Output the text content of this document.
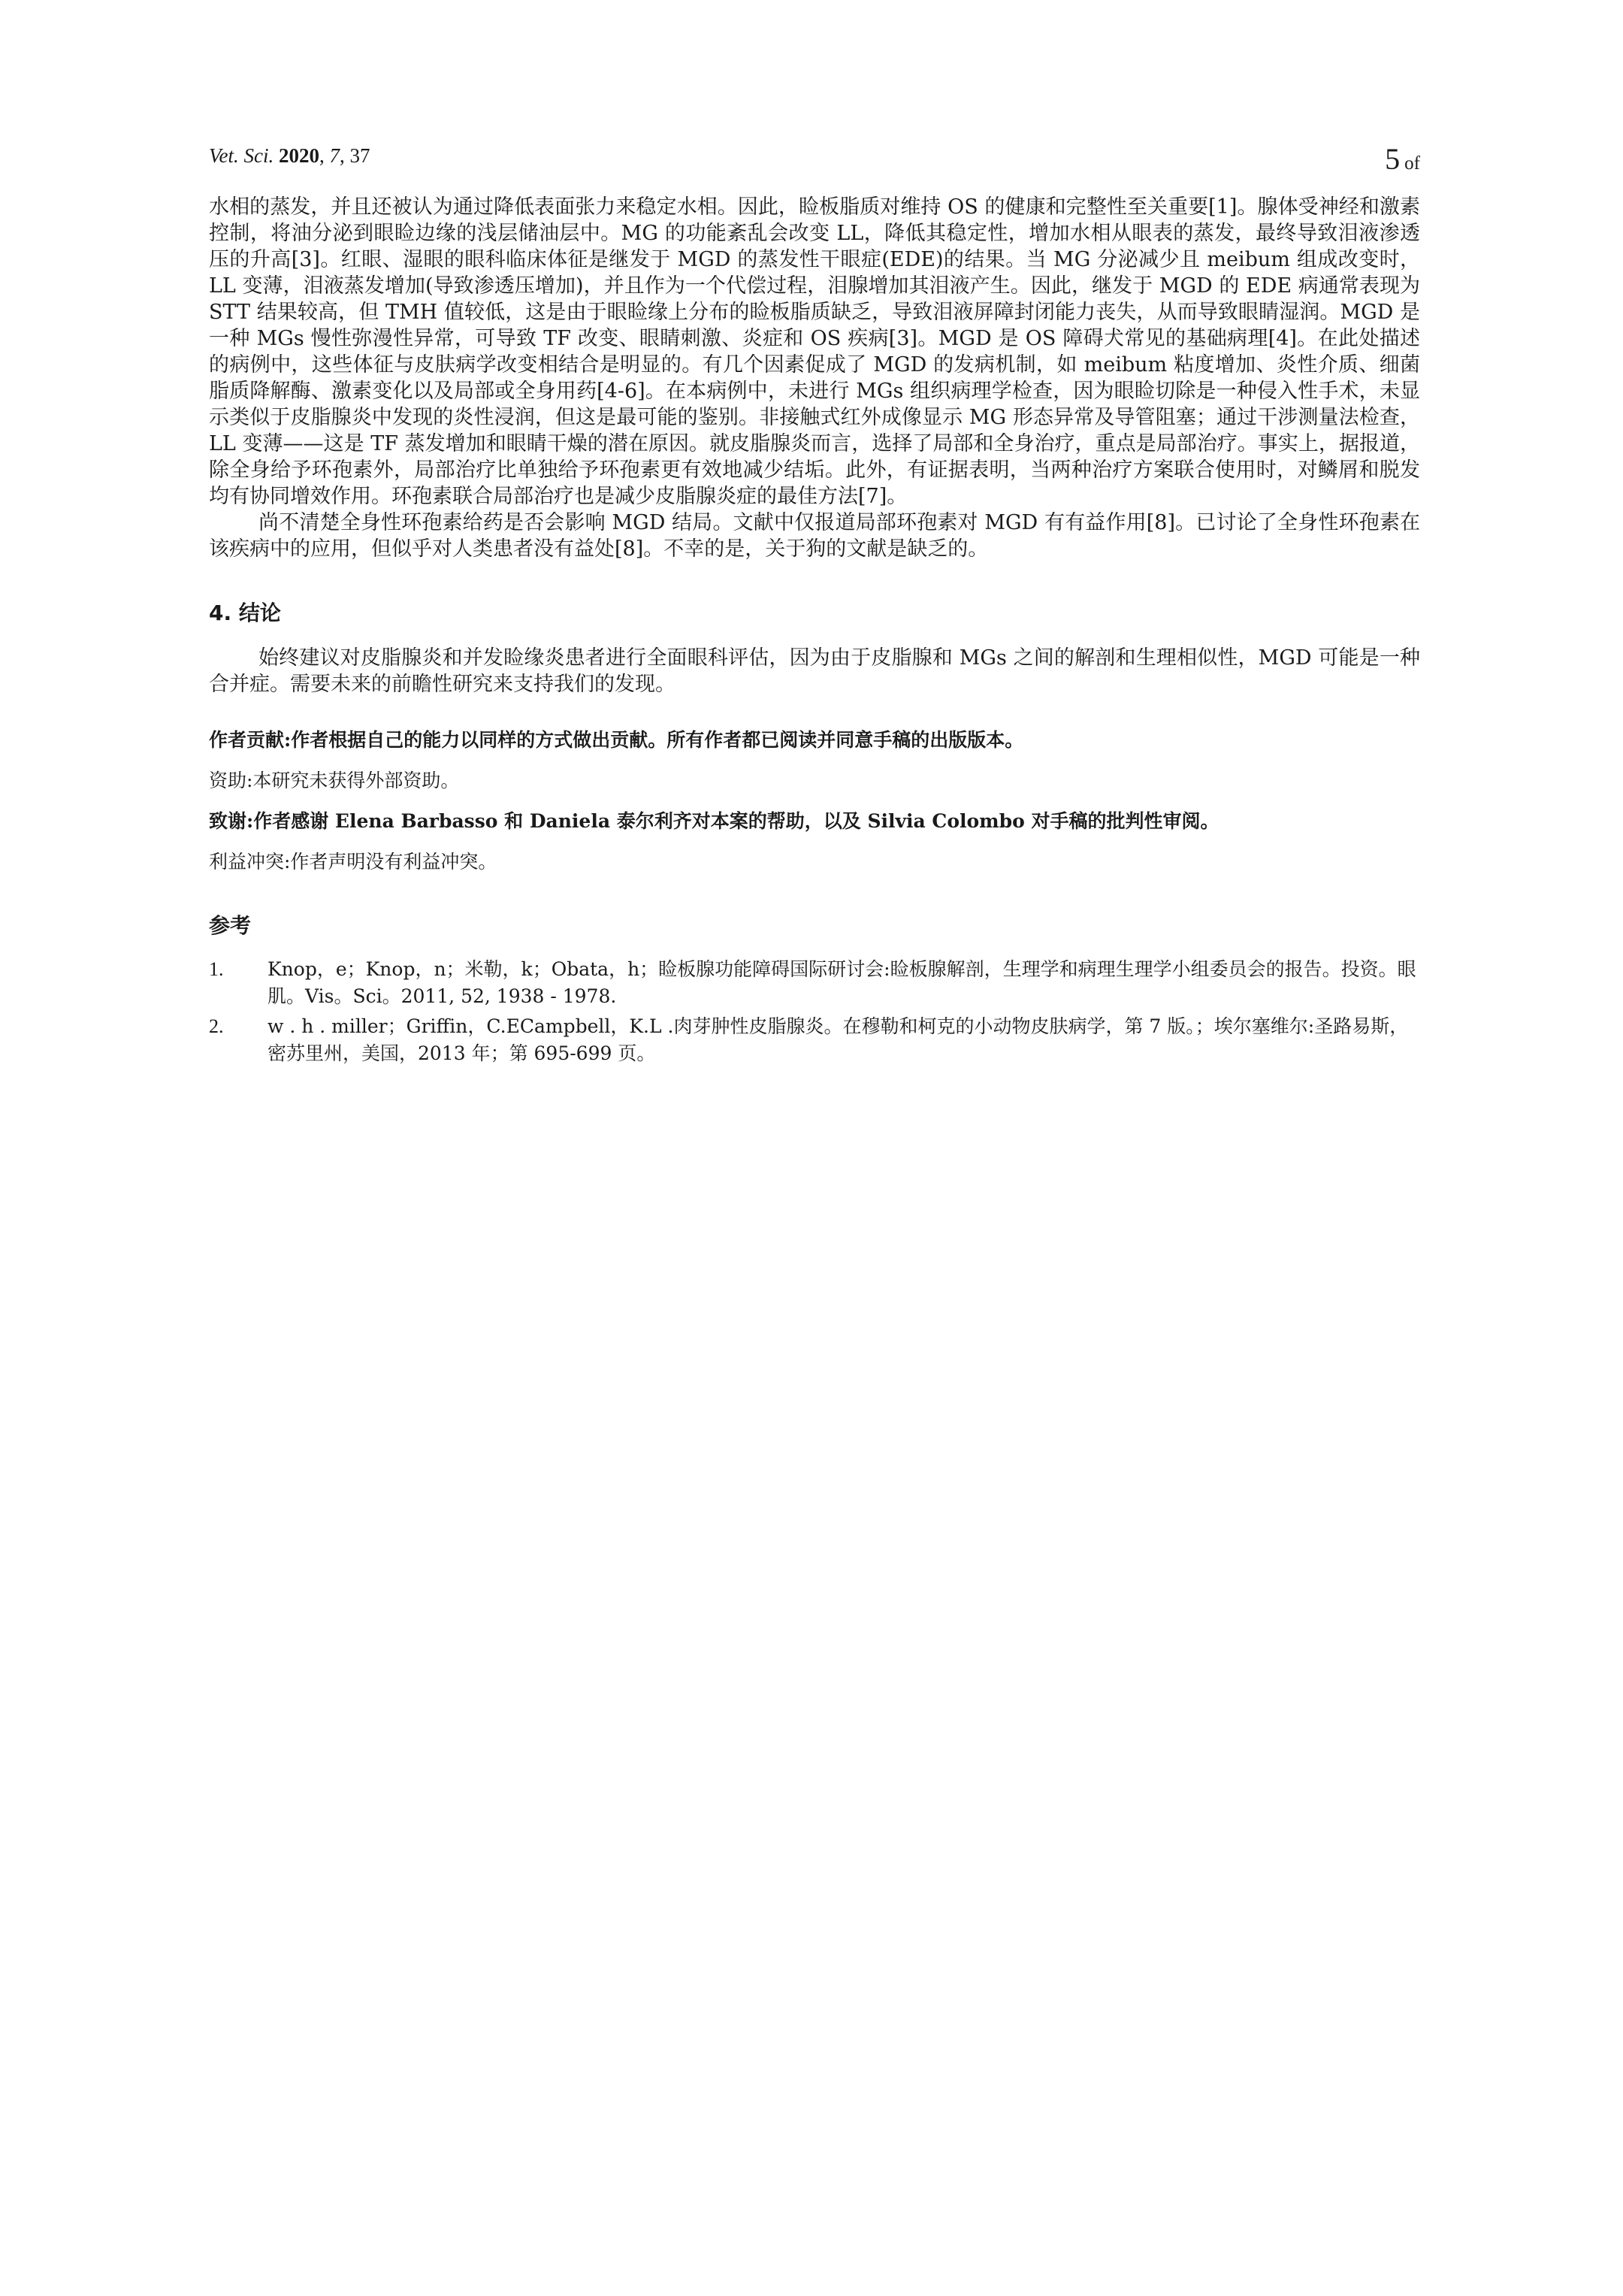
Vet. Sci. 2020, 7, 37	5 of

水相的蒸发，并且还被认为通过降低表面张力来稳定水相。因此，睑板脂质对维持 OS 的健康和完整性至关重要[1]。腺体受神经和激素控制，将油分泌到眼睑边缘的浅层储油层中。MG 的功能紊乱会改变 LL，降低其稳定性，增加水相从眼表的蒸发，最终导致泪液渗透压的升高[3]。红眼、湿眼的眼科临床体征是继发于 MGD 的蒸发性干眼症(EDE)的结果。当 MG 分泌减少且 meibum 组成改变时，LL 变薄，泪液蒸发增加(导致渗透压增加)，并且作为一个代偿过程，泪腺增加其泪液产生。因此，继发于 MGD 的 EDE 病通常表现为 STT 结果较高，但 TMH 值较低，这是由于眼睑缘上分布的睑板脂质缺乏，导致泪液屏障封闭能力丧失，从而导致眼睛湿润。MGD 是一种 MGs 慢性弥漫性异常，可导致 TF 改变、眼睛刺激、炎症和 OS 疾病[3]。MGD 是 OS 障碍犬常见的基础病理[4]。在此处描述的病例中，这些体征与皮肤病学改变相结合是明显的。有几个因素促成了 MGD 的发病机制，如 meibum 粘度增加、炎性介质、细菌脂质降解酶、激素变化以及局部或全身用药[4-6]。在本病例中，未进行 MGs 组织病理学检查，因为眼睑切除是一种侵入性手术，未显示类似于皮脂腺炎中发现的炎性浸润，但这是最可能的鉴别。非接触式红外成像显示 MG 形态异常及导管阻塞；通过干涉测量法检查，LL 变薄——这是 TF 蒸发增加和眼睛干燥的潜在原因。就皮脂腺炎而言，选择了局部和全身治疗，重点是局部治疗。事实上，据报道，除全身给予环孢素外，局部治疗比单独给予环孢素更有效地减少结垢。此外，有证据表明，当两种治疗方案联合使用时，对鳞屑和脱发均有协同增效作用。环孢素联合局部治疗也是减少皮脂腺炎症的最佳方法[7]。

尚不清楚全身性环孢素给药是否会影响 MGD 结局。文献中仅报道局部环孢素对 MGD 有有益作用[8]。已讨论了全身性环孢素在该疾病中的应用，但似乎对人类患者没有益处[8]。不幸的是，关于狗的文献是缺乏的。

4. 结论

始终建议对皮脂腺炎和并发睑缘炎患者进行全面眼科评估，因为由于皮脂腺和 MGs 之间的解剖和生理相似性，MGD 可能是一种合并症。需要未来的前瞻性研究来支持我们的发现。

作者贡献:作者根据自己的能力以同样的方式做出贡献。所有作者都已阅读并同意手稿的出版版本。

资助:本研究未获得外部资助。

致谢:作者感谢 Elena Barbasso 和 Daniela 泰尔利齐对本案的帮助，以及 Silvia Colombo 对手稿的批判性审阅。

利益冲突:作者声明没有利益冲突。

参考
1. Knop，e；Knop，n；米勒，k；Obata，h；睑板腺功能障碍国际研讨会:睑板腺解剖，生理学和病理生理学小组委员会的报告。投资。眼肌。Vis。Sci。2011, 52, 1938 - 1978.
2. w . h . miller；Griffin，C.ECampbell，K.L .肉芽肿性皮脂腺炎。在穆勒和柯克的小动物皮肤病学，第 7 版。；埃尔塞维尔:圣路易斯，密苏里州，美国，2013 年；第 695-699 页。
